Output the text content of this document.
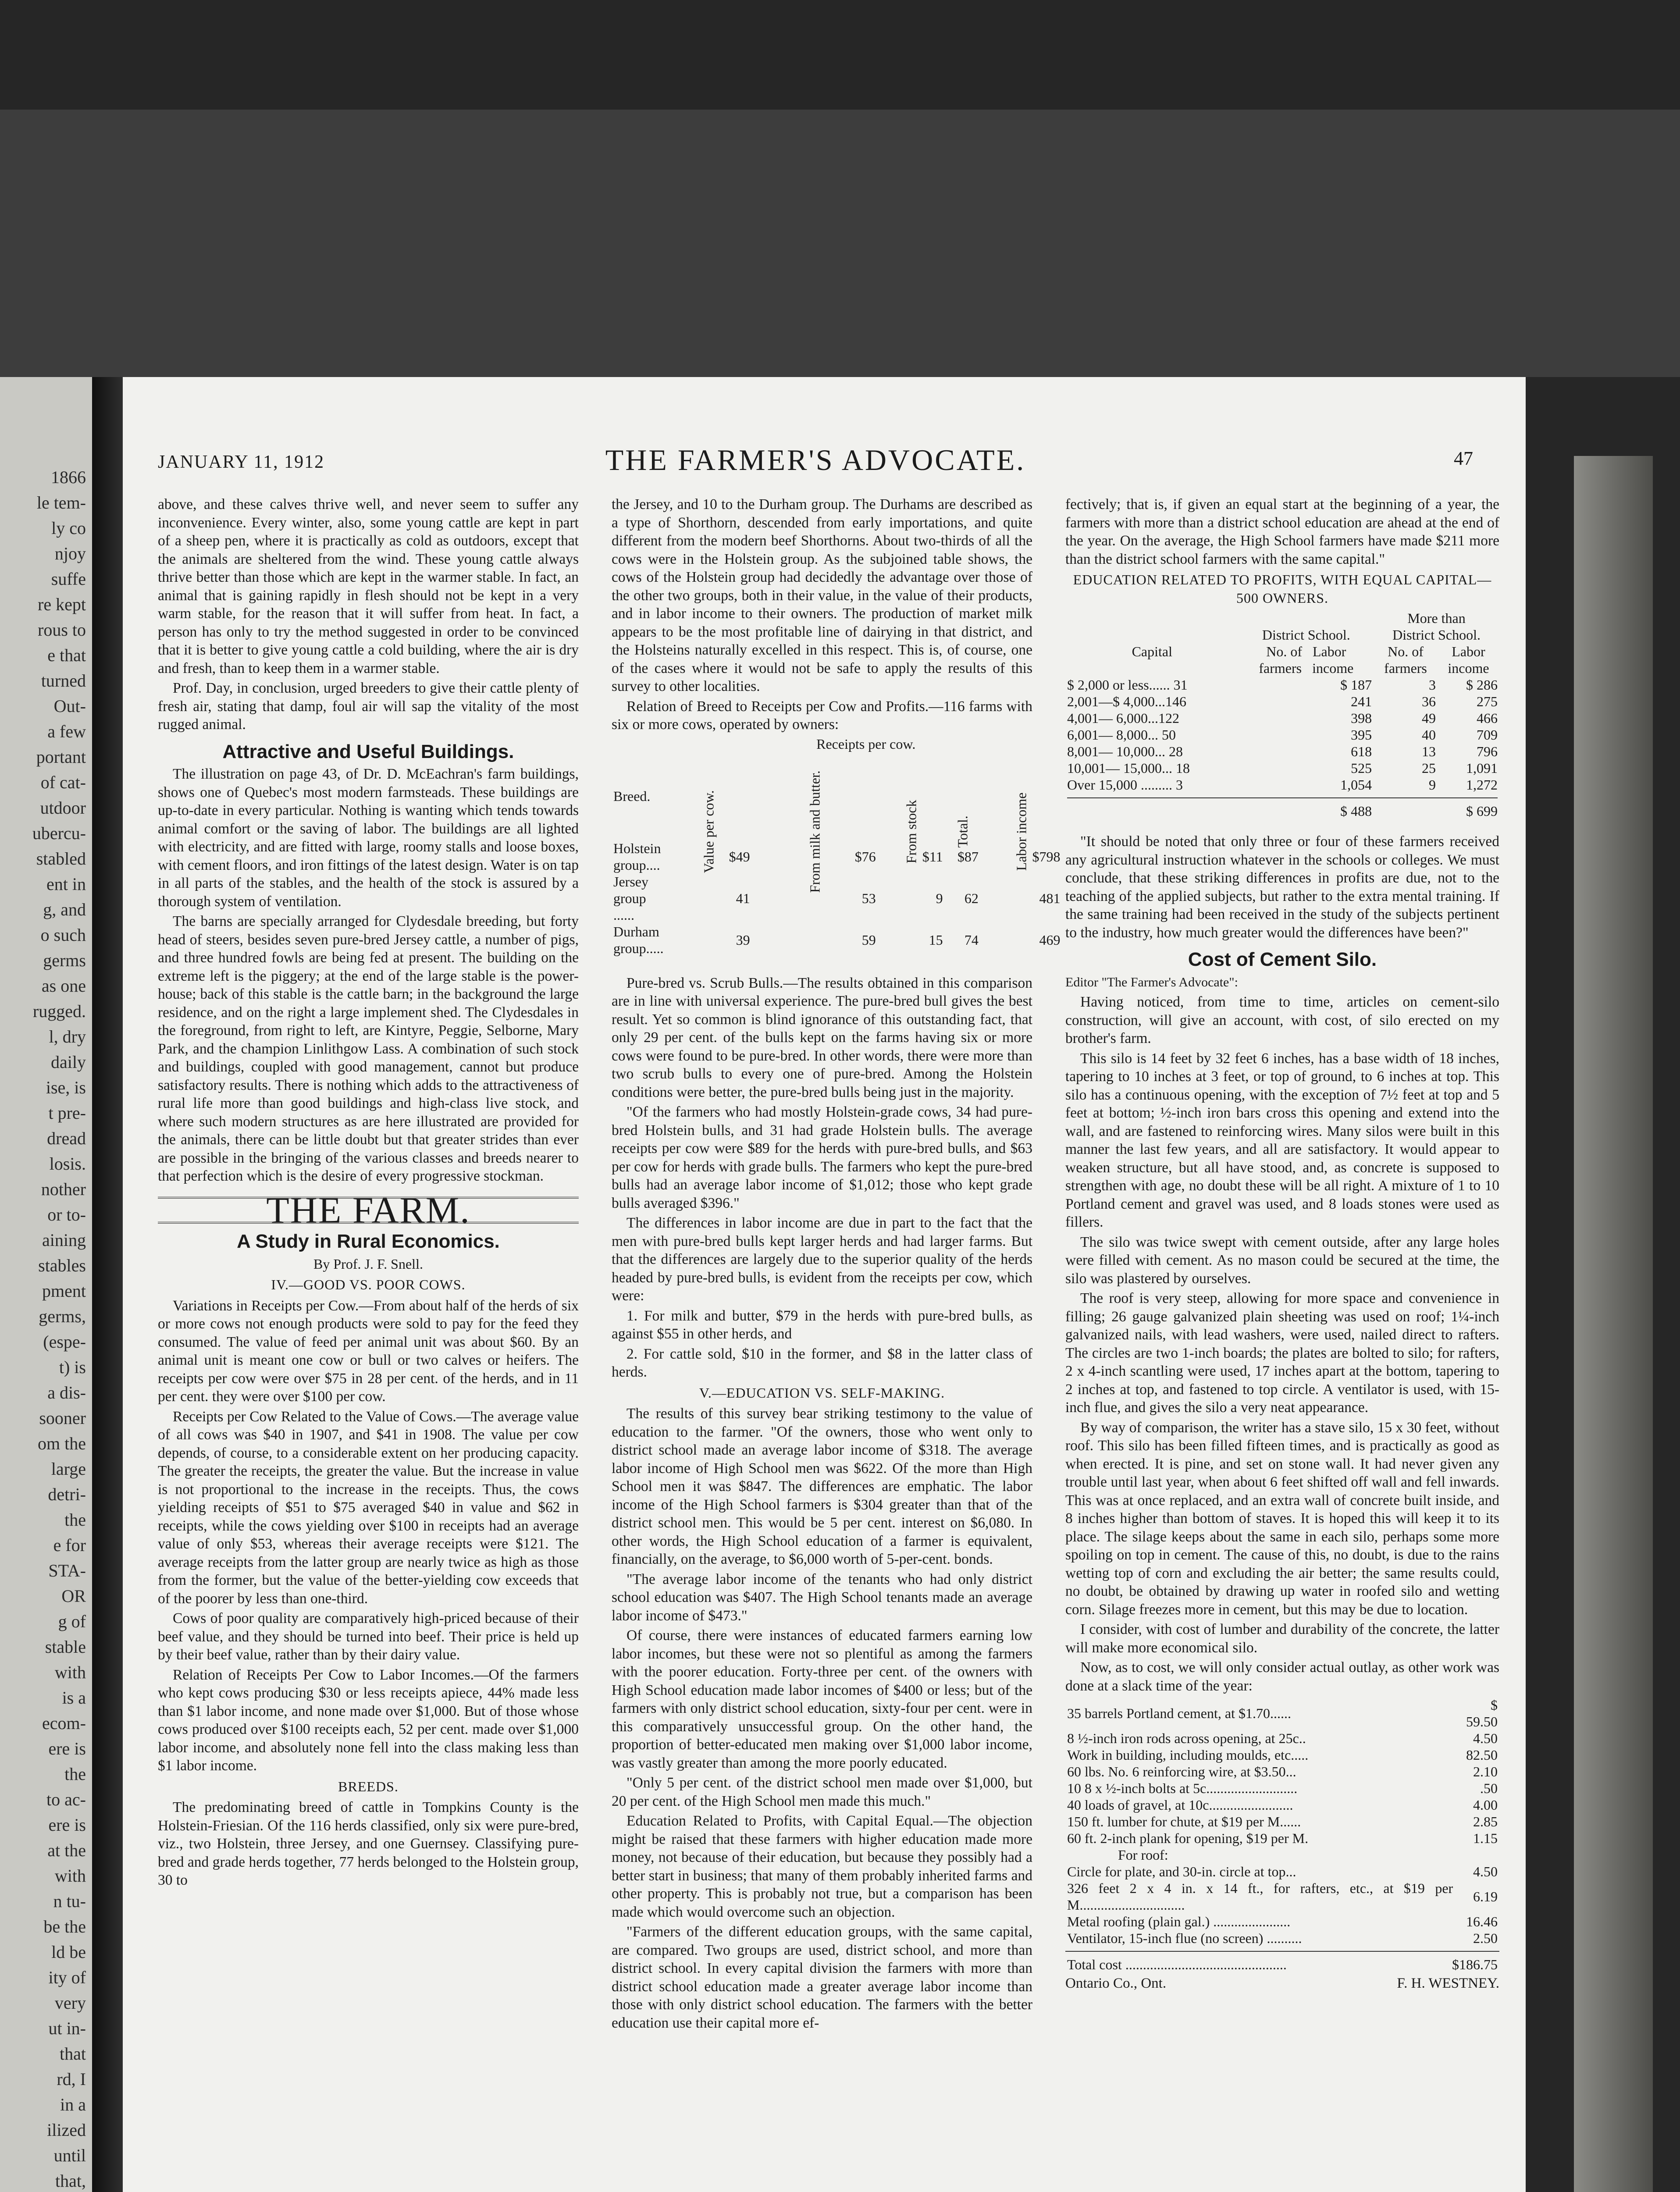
1866
le tem-
ly co
njoy
suffe
re kept
rous to
e that
turned
Out-
a few
portant
of cat-
utdoor
ubercu-
stabled
ent in
g, and
o such
germs
as one
rugged.
l, dry
daily
ise, is
t pre-
dread
losis.
nother
or to-
aining
stables
pment
germs,
(espe-
t) is
a dis-
sooner
om the
large
detri-
the
e for
STA-
OR
g of
stable
with
is a
ecom-
ere is
the
to ac-
ere is
at the
with
n tu-
be the
ld be
ity of
very
ut in-
that
rd, I
in a
ilized
until
that,
JANUARY 11, 1912	THE FARMER'S ADVOCATE.	47

above, and these calves thrive well, and never seem to suffer any inconvenience. Every winter, also, some young cattle are kept in part of a sheep pen, where it is practically as cold as outdoors, except that the animals are sheltered from the wind. These young cattle always thrive better than those which are kept in the warmer stable. In fact, an animal that is gaining rapidly in flesh should not be kept in a very warm stable, for the reason that it will suffer from heat. In fact, a person has only to try the method suggested in order to be convinced that it is better to give young cattle a cold building, where the air is dry and fresh, than to keep them in a warmer stable.

Prof. Day, in conclusion, urged breeders to give their cattle plenty of fresh air, stating that damp, foul air will sap the vitality of the most rugged animal.

Attractive and Useful Buildings.

The illustration on page 43, of Dr. D. McEachran's farm buildings, shows one of Quebec's most modern farmsteads. These buildings are up-to-date in every particular. Nothing is wanting which tends towards animal comfort or the saving of labor. The buildings are all lighted with electricity, and are fitted with large, roomy stalls and loose boxes, with cement floors, and iron fittings of the latest design. Water is on tap in all parts of the stables, and the health of the stock is assured by a thorough system of ventilation.

The barns are specially arranged for Clydesdale breeding, but forty head of steers, besides seven pure-bred Jersey cattle, a number of pigs, and three hundred fowls are being fed at present. The building on the extreme left is the piggery; at the end of the large stable is the power-house; back of this stable is the cattle barn; in the background the large residence, and on the right a large implement shed. The Clydesdales in the foreground, from right to left, are Kintyre, Peggie, Selborne, Mary Park, and the champion Linlithgow Lass. A combination of such stock and buildings, coupled with good management, cannot but produce satisfactory results. There is nothing which adds to the attractiveness of rural life more than good buildings and high-class live stock, and where such modern structures as are here illustrated are provided for the animals, there can be little doubt but that greater strides than ever are possible in the bringing of the various classes and breeds nearer to that perfection which is the desire of every progressive stockman.

THE FARM.
A Study in Rural Economics.
By Prof. J. F. Snell.
IV.—GOOD VS. POOR COWS.

Variations in Receipts per Cow.—From about half of the herds of six or more cows not enough products were sold to pay for the feed they consumed. The value of feed per animal unit was about $60. By an animal unit is meant one cow or bull or two calves or heifers. The receipts per cow were over $75 in 28 per cent. of the herds, and in 11 per cent. they were over $100 per cow.

Receipts per Cow Related to the Value of Cows.—The average value of all cows was $40 in 1907, and $41 in 1908. The value per cow depends, of course, to a considerable extent on her producing capacity. The greater the receipts, the greater the value. But the increase in value is not proportional to the increase in the receipts. Thus, the cows yielding receipts of $51 to $75 averaged $40 in value and $62 in receipts, while the cows yielding over $100 in receipts had an average value of only $53, whereas their average receipts were $121. The average receipts from the latter group are nearly twice as high as those from the former, but the value of the better-yielding cow exceeds that of the poorer by less than one-third.

Cows of poor quality are comparatively high-priced because of their beef value, and they should be turned into beef. Their price is held up by their beef value, rather than by their dairy value.

Relation of Receipts Per Cow to Labor Incomes.—Of the farmers who kept cows producing $30 or less receipts apiece, 44% made less than $1 labor income, and none made over $1,000. But of those whose cows produced over $100 receipts each, 52 per cent. made over $1,000 labor income, and absolutely none fell into the class making less than $1 labor income.

BREEDS.

The predominating breed of cattle in Tompkins County is the Holstein-Friesian. Of the 116 herds classified, only six were pure-bred, viz., two Holstein, three Jersey, and one Guernsey. Classifying pure-bred and grade herds together, 77 herds belonged to the Holstein group, 30 to

the Jersey, and 10 to the Durham group. The Durhams are described as a type of Shorthorn, descended from early importations, and quite different from the modern beef Shorthorns. About two-thirds of all the cows were in the Holstein group. As the subjoined table shows, the cows of the Holstein group had decidedly the advantage over those of the other two groups, both in their value, in the value of their products, and in labor income to their owners. The production of market milk appears to be the most profitable line of dairying in that district, and the Holsteins naturally excelled in this respect. This is, of course, one of the cases where it would not be safe to apply the results of this survey to other localities.

Relation of Breed to Receipts per Cow and Profits.—116 farms with six or more cows, operated by owners:

		Receipts per cow.			
Breed.	Value per cow.	From milk and butter.	From stock	Total.	Labor income
Holstein group....	$49	$76	$11	$87	$798
Jersey group ......	41	53	9	62	481
Durham group.....	39	59	15	74	469

Pure-bred vs. Scrub Bulls.—The results obtained in this comparison are in line with universal experience. The pure-bred bull gives the best result. Yet so common is blind ignorance of this outstanding fact, that only 29 per cent. of the bulls kept on the farms having six or more cows were found to be pure-bred. In other words, there were more than two scrub bulls to every one of pure-bred. Among the Holstein conditions were better, the pure-bred bulls being just in the majority.

"Of the farmers who had mostly Holstein-grade cows, 34 had pure-bred Holstein bulls, and 31 had grade Holstein bulls. The average receipts per cow were $89 for the herds with pure-bred bulls, and $63 per cow for herds with grade bulls. The farmers who kept the pure-bred bulls had an average labor income of $1,012; those who kept grade bulls averaged $396."

The differences in labor income are due in part to the fact that the men with pure-bred bulls kept larger herds and had larger farms. But that the differences are largely due to the superior quality of the herds headed by pure-bred bulls, is evident from the receipts per cow, which were:

1. For milk and butter, $79 in the herds with pure-bred bulls, as against $55 in other herds, and

2. For cattle sold, $10 in the former, and $8 in the latter class of herds.

V.—EDUCATION VS. SELF-MAKING.

The results of this survey bear striking testimony to the value of education to the farmer. "Of the owners, those who went only to district school made an average labor income of $318. The average labor income of High School men was $622. Of the more than High School men it was $847. The differences are emphatic. The labor income of the High School farmers is $304 greater than that of the district school men. This would be 5 per cent. interest on $6,080. In other words, the High School education of a farmer is equivalent, financially, on the average, to $6,000 worth of 5-per-cent. bonds.

"The average labor income of the tenants who had only district school education was $407. The High School tenants made an average labor income of $473."

Of course, there were instances of educated farmers earning low labor incomes, but these were not so plentiful as among the farmers with the poorer education. Forty-three per cent. of the owners with High School education made labor incomes of $400 or less; but of the farmers with only district school education, sixty-four per cent. were in this comparatively unsuccessful group. On the other hand, the proportion of better-educated men making over $1,000 labor income, was vastly greater than among the more poorly educated.

"Only 5 per cent. of the district school men made over $1,000, but 20 per cent. of the High School men made this much."

Education Related to Profits, with Capital Equal.—The objection might be raised that these farmers with higher education made more money, not because of their education, but because they possibly had a better start in business; that many of them probably inherited farms and other property. This is probably not true, but a comparison has been made which would overcome such an objection.

"Farmers of the different education groups, with the same capital, are compared. Two groups are used, district school, and more than district school. In every capital division the farmers with more than district school education made a greater average labor income than those with only district school education. The farmers with the better education use their capital more ef-

fectively; that is, if given an equal start at the beginning of a year, the farmers with more than a district school education are ahead at the end of the year. On the average, the High School farmers have made $211 more than the district school farmers with the same capital."

EDUCATION RELATED TO PROFITS, WITH EQUAL CAPITAL—500 OWNERS.
		More than	
	District School.	District School.	
Capital	No. of Labor	No. of	Labor
	farmers income	farmers	income
$ 2,000 or less...... 31	$ 187	3	$ 286
2,001—$ 4,000...146	241	36	275
4,001— 6,000...122	398	49	466
6,001— 8,000... 50	395	40	709
8,001— 10,000... 28	618	13	796
10,001— 15,000... 18	525	25	1,091
Over 15,000 ......... 3	1,054	9	1,272

	$ 488		$ 699

"It should be noted that only three or four of these farmers received any agricultural instruction whatever in the schools or colleges. We must conclude, that these striking differences in profits are due, not to the teaching of the applied subjects, but rather to the extra mental training. If the same training had been received in the study of the subjects pertinent to the industry, how much greater would the differences have been?"

Cost of Cement Silo.
Editor "The Farmer's Advocate":

Having noticed, from time to time, articles on cement-silo construction, will give an account, with cost, of silo erected on my brother's farm.

This silo is 14 feet by 32 feet 6 inches, has a base width of 18 inches, tapering to 10 inches at 3 feet, or top of ground, to 6 inches at top. This silo has a continuous opening, with the exception of 7½ feet at top and 5 feet at bottom; ½-inch iron bars cross this opening and extend into the wall, and are fastened to reinforcing wires. Many silos were built in this manner the last few years, and all are satisfactory. It would appear to weaken structure, but all have stood, and, as concrete is supposed to strengthen with age, no doubt these will be all right. A mixture of 1 to 10 Portland cement and gravel was used, and 8 loads stones were used as fillers.

The silo was twice swept with cement outside, after any large holes were filled with cement. As no mason could be secured at the time, the silo was plastered by ourselves.

The roof is very steep, allowing for more space and convenience in filling; 26 gauge galvanized plain sheeting was used on roof; 1¼-inch galvanized nails, with lead washers, were used, nailed direct to rafters. The circles are two 1-inch boards; the plates are bolted to silo; for rafters, 2 x 4-inch scantling were used, 17 inches apart at the bottom, tapering to 2 inches at top, and fastened to top circle. A ventilator is used, with 15-inch flue, and gives the silo a very neat appearance.

By way of comparison, the writer has a stave silo, 15 x 30 feet, without roof. This silo has been filled fifteen times, and is practically as good as when erected. It is pine, and set on stone wall. It had never given any trouble until last year, when about 6 feet shifted off wall and fell inwards. This was at once replaced, and an extra wall of concrete built inside, and 8 inches higher than bottom of staves. It is hoped this will keep it to its place. The silage keeps about the same in each silo, perhaps some more spoiling on top in cement. The cause of this, no doubt, is due to the rains wetting top of corn and excluding the air better; the same results could, no doubt, be obtained by drawing up water in roofed silo and wetting corn. Silage freezes more in cement, but this may be due to location.

I consider, with cost of lumber and durability of the concrete, the latter will make more economical silo.

Now, as to cost, we will only consider actual outlay, as other work was done at a slack time of the year:

35 barrels Portland cement, at $1.70......	$ 59.50
8 ½-inch iron rods across opening, at 25c..	4.50
Work in building, including moulds, etc.....	82.50
60 lbs. No. 6 reinforcing wire, at $3.50...	2.10
10 8 x ½-inch bolts at 5c..........................	.50
40 loads of gravel, at 10c........................	4.00
150 ft. lumber for chute, at $19 per M......	2.85
60 ft. 2-inch plank for opening, $19 per M.	1.15
For roof:	
Circle for plate, and 30-in. circle at top...	4.50
326 feet 2 x 4 in. x 14 ft., for rafters, etc., at $19 per M..............................	6.19
Metal roofing (plain gal.) ......................	16.46
Ventilator, 15-inch flue (no screen) ..........	2.50
Total cost ..............................................	$186.75
Ontario Co., Ont.	F. H. WESTNEY.
